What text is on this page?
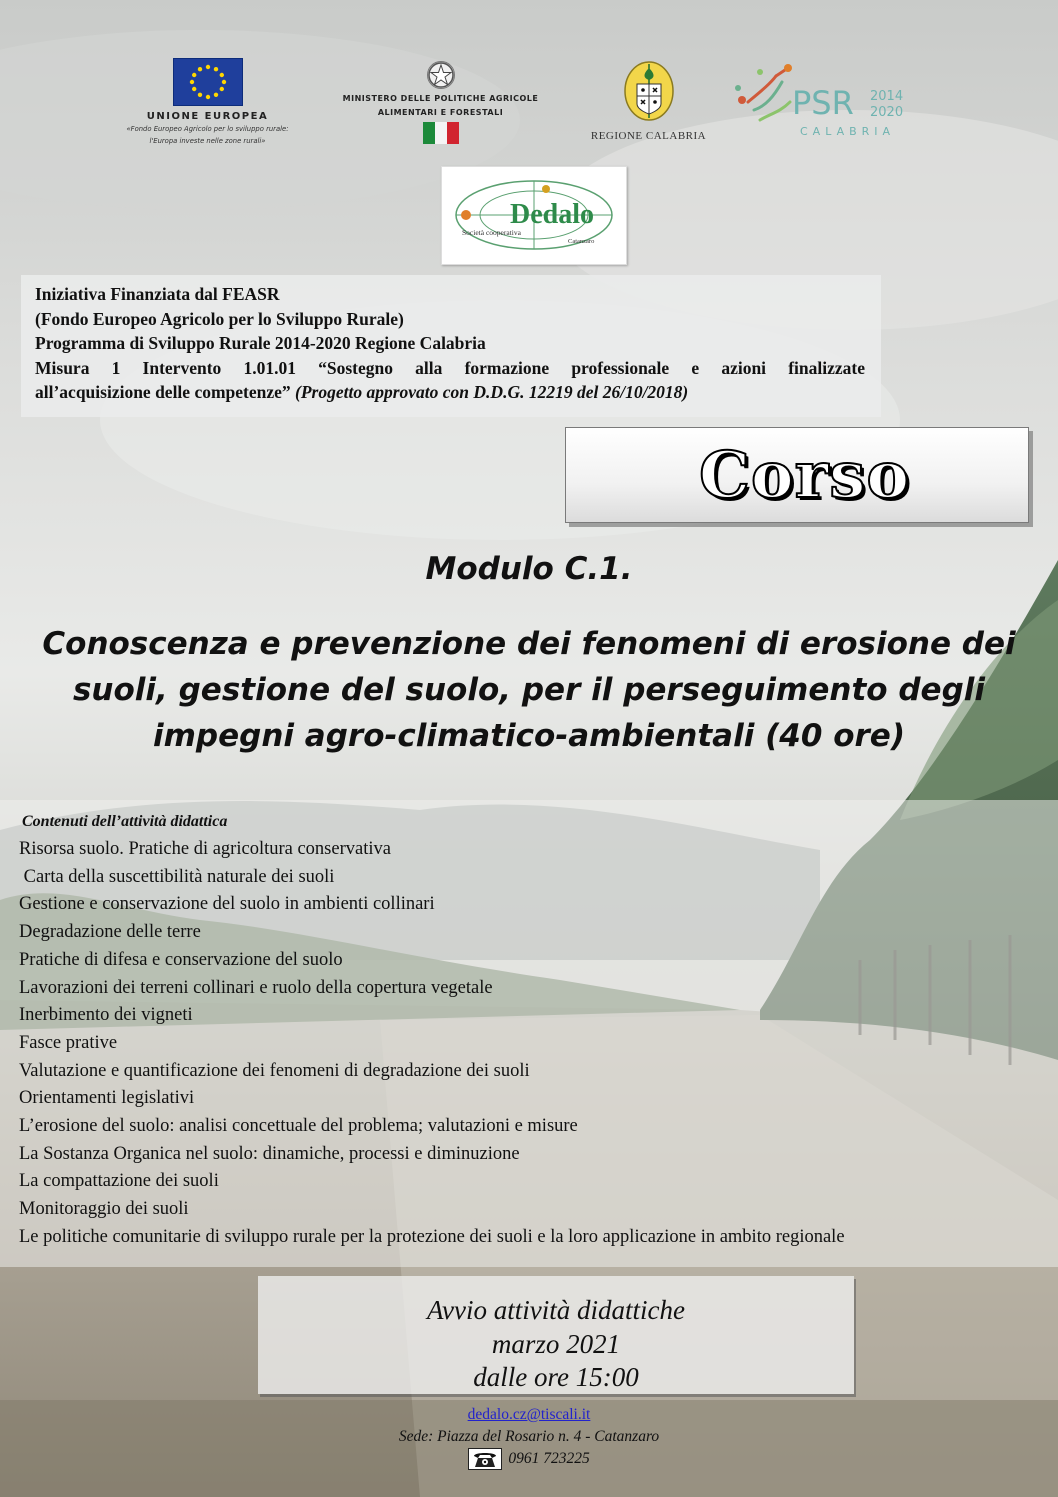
UNIONE EUROPEA
«Fondo Europeo Agricolo per lo sviluppo rurale:
l'Europa investe nelle zone rurali»
MINISTERO DELLE POLITICHE AGRICOLE
ALIMENTARI E FORESTALI
REGIONE CALABRIA
PSR 2014
2020
CALABRIA
Dedalo
Società cooperativa
Catanzaro
Iniziativa Finanziata dal FEASR
(Fondo Europeo Agricolo per lo Sviluppo Rurale)
Programma di Sviluppo Rurale 2014-2020 Regione Calabria
Misura 1 Intervento 1.01.01 “Sostegno alla formazione professionale e azioni finalizzate
all’acquisizione delle competenze” (Progetto approvato con D.D.G. 12219 del 26/10/2018)
Corso
Modulo C.1.
Conoscenza e prevenzione dei fenomeni di erosione dei
suoli, gestione del suolo, per il perseguimento degli
impegni agro-climatico-ambientali (40 ore)
Contenuti dell’attività didattica
Risorsa suolo. Pratiche di agricoltura conservativa
Carta della suscettibilità naturale dei suoli
Gestione e conservazione del suolo in ambienti collinari
Degradazione delle terre
Pratiche di difesa e conservazione del suolo
Lavorazioni dei terreni collinari e ruolo della copertura vegetale
Inerbimento dei vigneti
Fasce prative
Valutazione e quantificazione dei fenomeni di degradazione dei suoli
Orientamenti legislativi
L’erosione del suolo: analisi concettuale del problema; valutazioni e misure
La Sostanza Organica nel suolo: dinamiche, processi e diminuzione
La compattazione dei suoli
Monitoraggio dei suoli
Le politiche comunitarie di sviluppo rurale per la protezione dei suoli e la loro applicazione in ambito regionale
Avvio attività didattiche
marzo 2021
dalle ore 15:00
dedalo.cz@tiscali.it
Sede: Piazza del Rosario n. 4 - Catanzaro
0961 723225
